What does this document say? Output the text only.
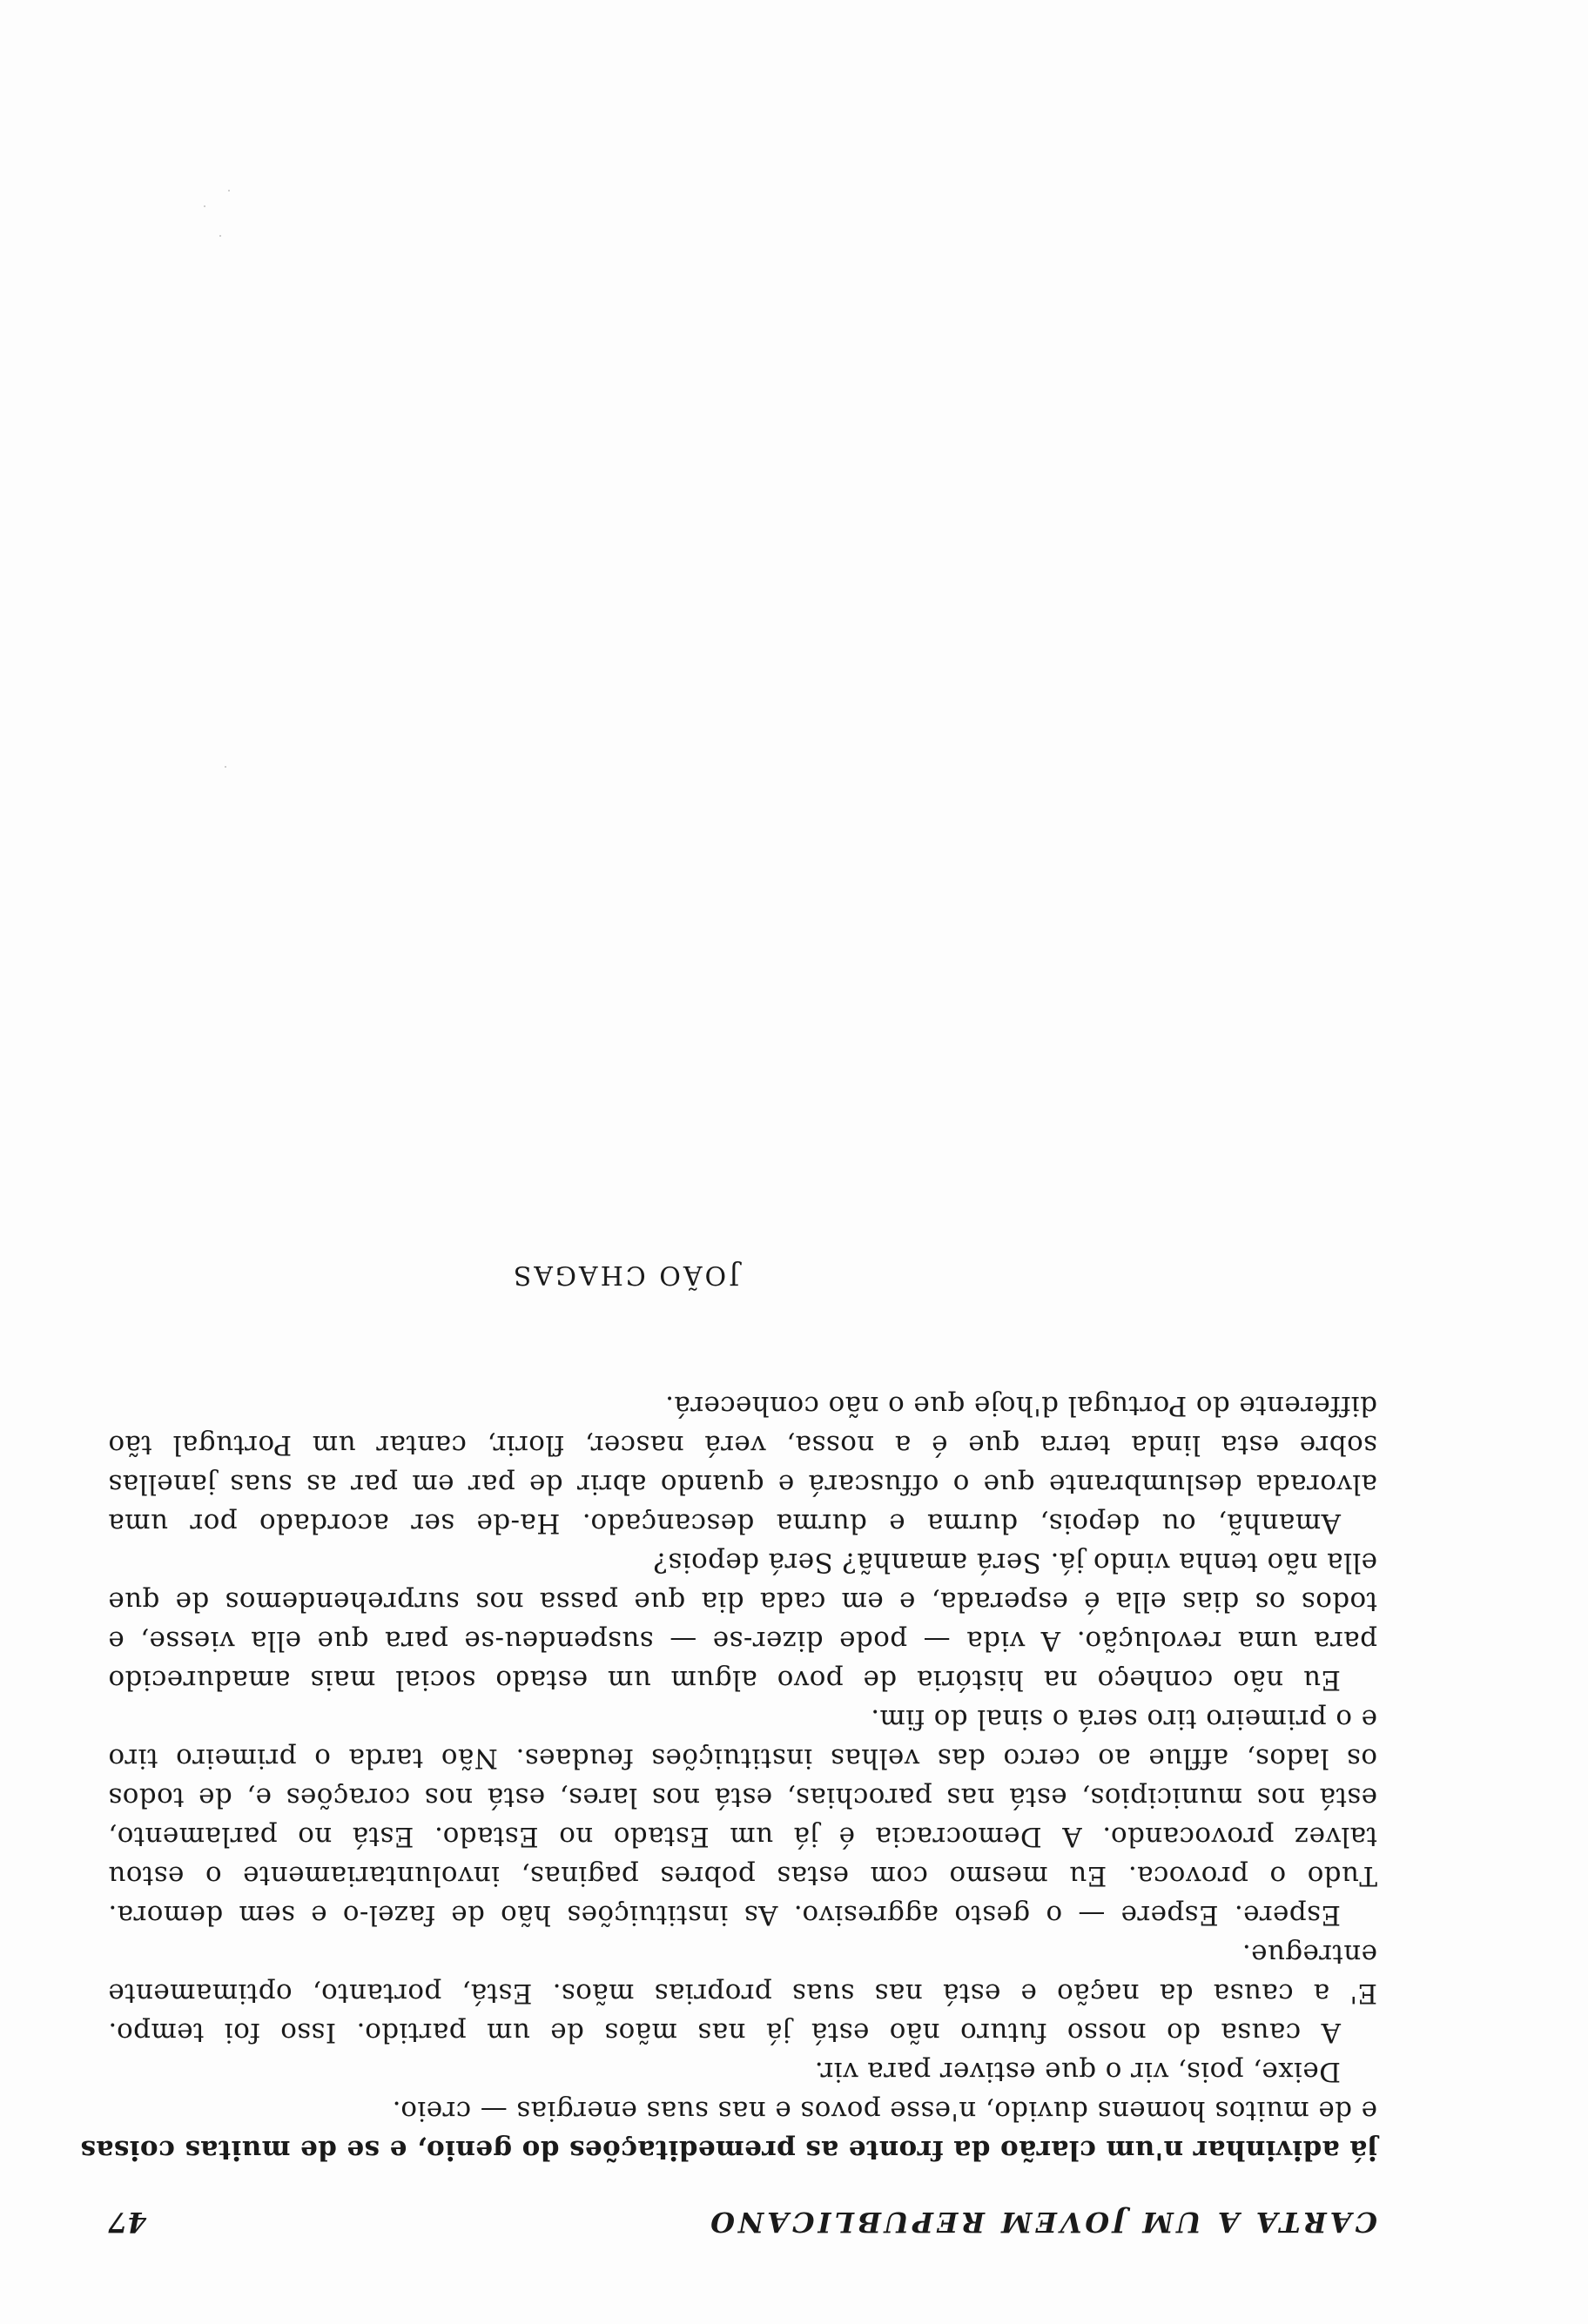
CARTA A UM JOVEM REPUBLICANO
47
já adivinhar n'um clarão da fronte as premeditações do genio, e se de muitas coisas
e de muitos homens duvido, n'esse povos e nas suas energias — creio.
Deixe, pois, vir o que estiver para vir.
A causa do nosso futuro não está já nas mãos de um partido. Isso foi tempo.
E' a causa da nação e está nas suas proprias mãos. Está, portanto, optimamente
entregue.
Espere. Espere — o gesto aggresivo. As instituições hão de fazel-o e sem demora.
Tudo o provoca. Eu mesmo com estas pobres paginas, involuntariamente o estou
talvez provocando. A Democracia é já um Estado no Estado. Está no parlamento,
está nos municipios, está nas parochias, está nos lares, está nos corações e, de todos
os lados, afflue ao cerco das velhas instituições feudaes. Não tarda o primeiro tiro
e o primeiro tiro será o sinal do fim.
Eu não conheço na história de povo algum um estado social mais amadurecido
para uma revolução. A vida — pode dizer-se — suspendeu-se para que ella viesse, e
todos os dias ella é esperada, e em cada dia que passa nos surprehendemos de que
ella não tenha vindo já. Será amanhã? Será depois?
Amanhã, ou depois, durma e durma descançado. Ha-de ser acordado por uma
alvorada deslumbrante que o offuscará e quando abrir de par em par as suas janellas
sobre esta linda terra que é a nossa, verá nascer, florir, cantar um Portugal tão
differente do Portugal d'hoje que o não conhecerá.
JOÃO CHAGAS
